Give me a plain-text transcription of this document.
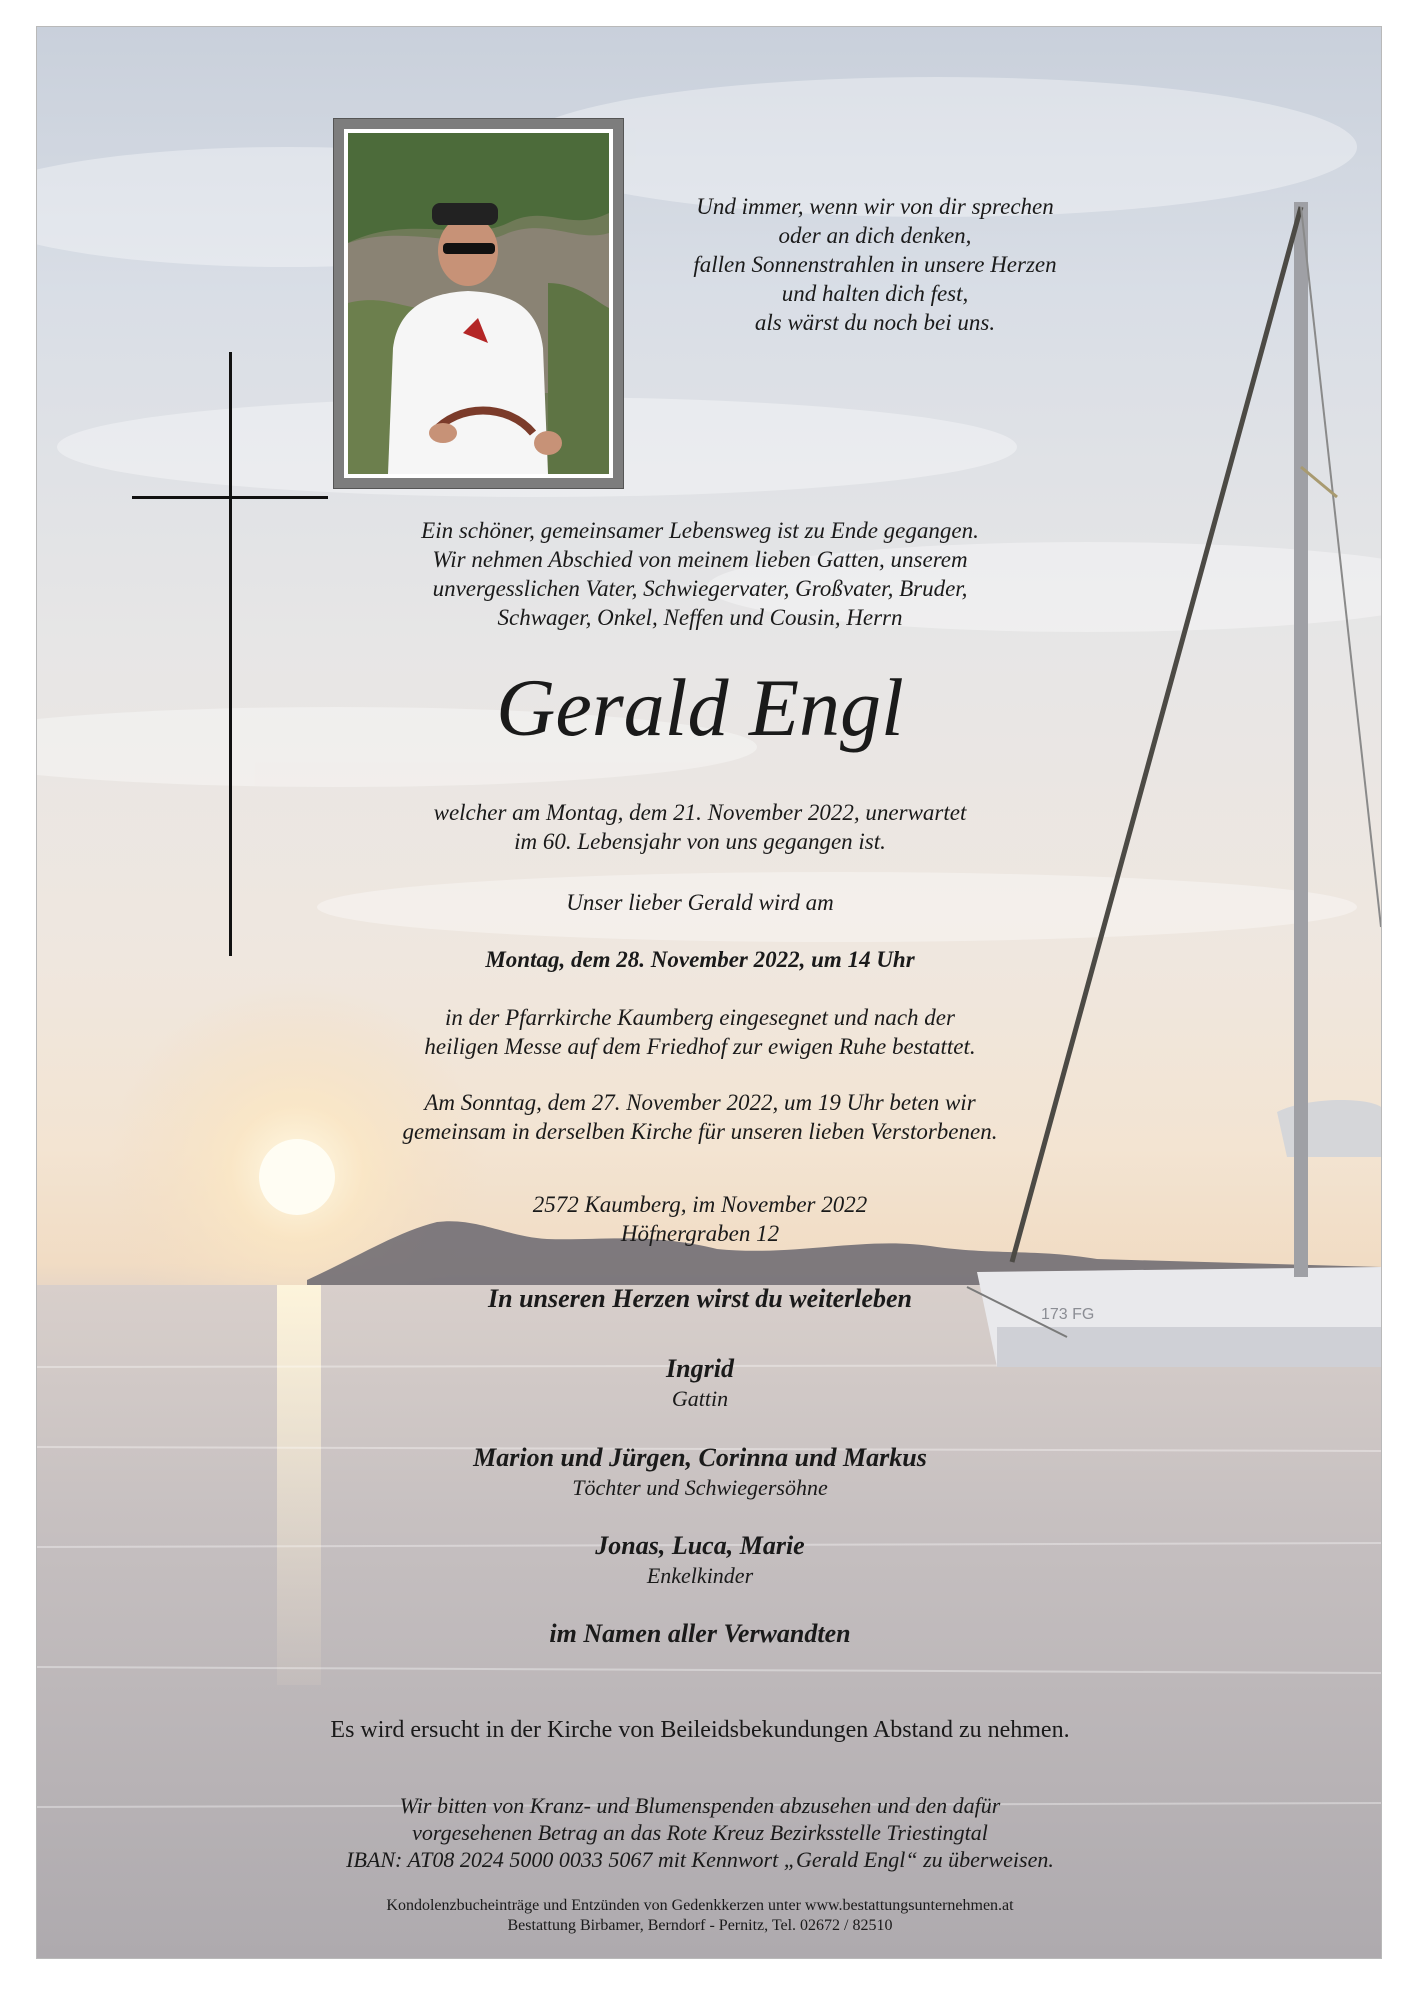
173 FG
Und immer, wenn wir von dir sprechen
oder an dich denken,
fallen Sonnenstrahlen in unsere Herzen
und halten dich fest,
als wärst du noch bei uns.
Ein schöner, gemeinsamer Lebensweg ist zu Ende gegangen.
Wir nehmen Abschied von meinem lieben Gatten, unserem
unvergesslichen Vater, Schwiegervater, Großvater, Bruder,
Schwager, Onkel, Neffen und Cousin, Herrn
Gerald Engl
welcher am Montag, dem 21. November 2022, unerwartet
im 60. Lebensjahr von uns gegangen ist.
Unser lieber Gerald wird am
Montag, dem 28. November 2022, um 14 Uhr
in der Pfarrkirche Kaumberg eingesegnet und nach der
heiligen Messe auf dem Friedhof zur ewigen Ruhe bestattet.
Am Sonntag, dem 27. November 2022, um 19 Uhr beten wir
gemeinsam in derselben Kirche für unseren lieben Verstorbenen.
2572 Kaumberg, im November 2022
Höfnergraben 12
In unseren Herzen wirst du weiterleben
Ingrid
Gattin
Marion und Jürgen, Corinna und Markus
Töchter und Schwiegersöhne
Jonas, Luca, Marie
Enkelkinder
im Namen aller Verwandten
Es wird ersucht in der Kirche von Beileidsbekundungen Abstand zu nehmen.
Wir bitten von Kranz- und Blumenspenden abzusehen und den dafür
vorgesehenen Betrag an das Rote Kreuz Bezirksstelle Triestingtal
IBAN: AT08 2024 5000 0033 5067 mit Kennwort „Gerald Engl“ zu überweisen.
Kondolenzbucheinträge und Entzünden von Gedenkkerzen unter www.bestattungsunternehmen.at
Bestattung Birbamer, Berndorf - Pernitz, Tel. 02672 / 82510
